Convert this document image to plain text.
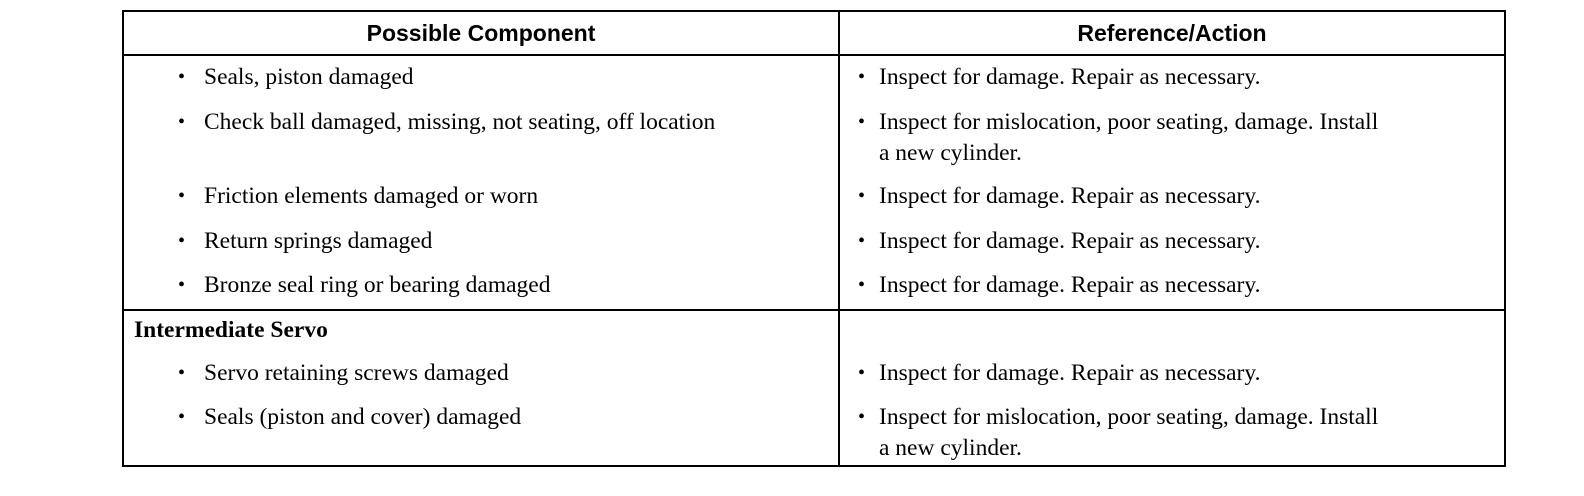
Possible Component	Reference/Action
• Seals, piston damaged	• Inspect for damage. Repair as necessary.
• Check ball damaged, missing, not seating, off location	• Inspect for mislocation, poor seating, damage. Install
a new cylinder.
• Friction elements damaged or worn	• Inspect for damage. Repair as necessary.
• Return springs damaged	• Inspect for damage. Repair as necessary.
• Bronze seal ring or bearing damaged	• Inspect for damage. Repair as necessary.
Intermediate Servo
• Servo retaining screws damaged	• Inspect for damage. Repair as necessary.
• Seals (piston and cover) damaged	• Inspect for mislocation, poor seating, damage. Install
a new cylinder.
